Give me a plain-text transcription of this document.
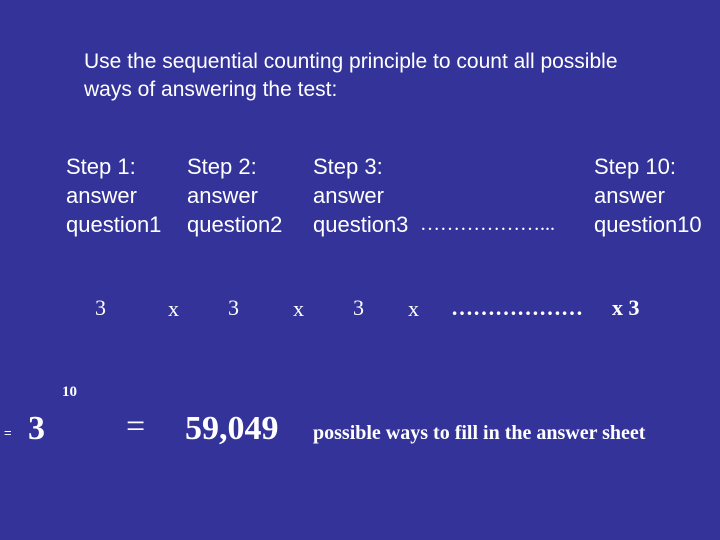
Use the sequential counting principle to count all possible
ways of answering the test:
Step 1:
answer
question1
Step 2:
answer
question2
Step 3:
answer
question3 ………………...
Step 10:
answer
question10
3	x 3 x 3 x ……………… x 3
10
= 3 = 59,049 possible ways to fill in the answer sheet
